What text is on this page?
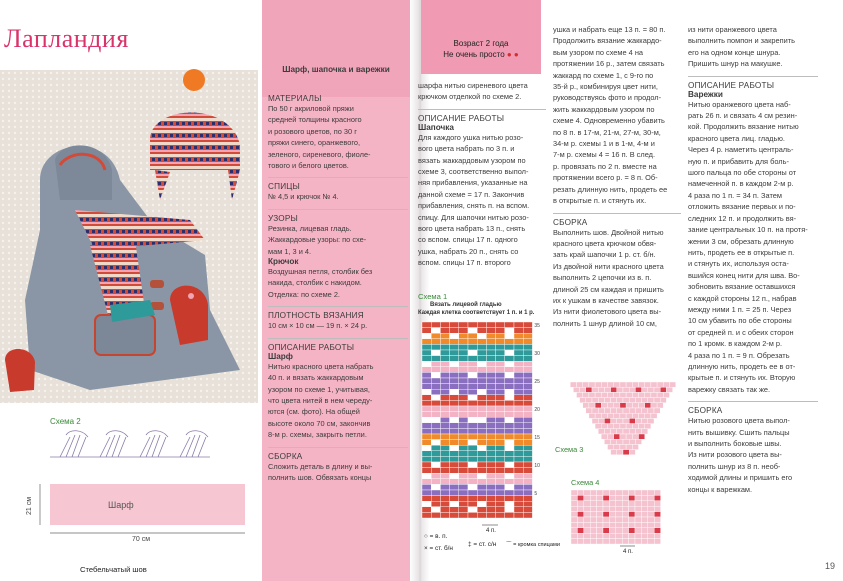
Лапландия
Схема 2
Шарф
70 см
21 см
Стебельчатый шов
Шарф, шапочка и варежки
МАТЕРИАЛЫ
По 50 г акриловой пряжи
средней толщины красного
и розового цветов, по 30 г
пряжи синего, оранжевого,
зеленого, сиреневого, фиоле-
тового и белого цветов.
СПИЦЫ
№ 4,5 и крючок № 4.
УЗОРЫ
Резинка, лицевая гладь.
Жаккардовые узоры: по схе-
мам 1, 3 и 4.
Крючок
Воздушная петля, столбик без
накида, столбик с накидом.
Отделка: по схеме 2.
ПЛОТНОСТЬ ВЯЗАНИЯ
10 см × 10 см — 19 п. × 24 р.
ОПИСАНИЕ РАБОТЫ
Шарф
Нитью красного цвета набрать
40 п. и вязать жаккардовым
узором по схеме 1, учитывая,
что цвета нитей в нем череду-
ются (см. фото). На общей
высоте около 70 см, закончив
8-м р. схемы, закрыть петли.
СБОРКА
Сложить деталь в длину и вы-
полнить шов. Обвязать концы
Возраст 2 года
Не очень просто ● ●
шарфа нитью сиреневого цвета
крючком отделкой по схеме 2.
ОПИСАНИЕ РАБОТЫ
Шапочка
Для каждого ушка нитью розо-
вого цвета набрать по 3 п. и
вязать жаккардовым узором по
схеме 3, соответственно выпол-
няя прибавления, указанные на
данной схеме = 17 п. Закончив
прибавления, снять п. на вспом.
спицу. Для шапочки нитью розо-
вого цвета набрать 13 п., снять
со вспом. спицы 17 п. одного
ушка, набрать 20 п., снять со
вспом. спицы 17 п. второго
Схема 1
Вязать лицевой гладью
Каждая клетка соответствует 1 п. и 1 р.
35
30
25
20
15
10
5
4 п.
○ = в. п.
× = ст. б/н
‡ = ст. с/н ⌒ = кромка спицами
ушка и набрать еще 13 п. = 80 п.
Продолжить вязание жаккардо-
вым узором по схеме 4 на
протяжении 16 р., затем связать
жаккард по схеме 1, с 9-го по
35-й р., комбинируя цвет нити,
руководствуясь фото и продол-
жить жаккардовым узором по
схеме 4. Одновременно убавить
по 8 п. в 17-м, 21-м, 27-м, 30-м,
34-м р. схемы 1 и в 1-м, 4-м и
7-м р. схемы 4 = 16 п. В след.
р. провязать по 2 п. вместе на
протяжении всего р. = 8 п. Об-
резать длинную нить, продеть ее
в открытые п. и стянуть их.
СБОРКА
Выполнить шов. Двойной нитью
красного цвета крючком обвя-
зать край шапочки 1 р. ст. б/н.
Из двойной нити красного цвета
выполнить 2 цепочки из в. п.
длиной 25 см каждая и пришить
их к ушкам в качестве завязок.
Из нити фиолетового цвета вы-
полнить 1 шнур длиной 10 см,
Схема 3
Схема 4
4 п.
из нити оранжевого цвета
выполнить помпон и закрепить
его на одном конце шнура.
Пришить шнур на макушке.
ОПИСАНИЕ РАБОТЫ
Варежки
Нитью оранжевого цвета наб-
рать 26 п. и связать 4 см резин-
кой. Продолжить вязание нитью
красного цвета лиц. гладью.
Через 4 р. наметить централь-
ную п. и прибавить для боль-
шого пальца по обе стороны от
намеченной п. в каждом 2-м р.
4 раза по 1 п. = 34 п. Затем
отложить вязание первых и по-
следних 12 п. и продолжить вя-
зание центральных 10 п. на протя-
жении 3 см, обрезать длинную
нить, продеть ее в открытые п.
и стянуть их, используя оста-
вшийся конец нити для шва. Во-
зобновить вязание оставшихся
с каждой стороны 12 п., набрав
между ними 1 п. = 25 п. Через
10 см убавить по обе стороны
от средней п. и с обеих сторон
по 1 кромк. в каждом 2-м р.
4 раза по 1 п. = 9 п. Обрезать
длинную нить, продеть ее в от-
крытые п. и стянуть их. Вторую
варежку связать так же.
СБОРКА
Нитью розового цвета выпол-
нить вышивку. Сшить пальцы
и выполнить боковые швы.
Из нити розового цвета вы-
полнить шнур из 8 п. необ-
ходимой длины и пришить его
концы к варежкам.
19
